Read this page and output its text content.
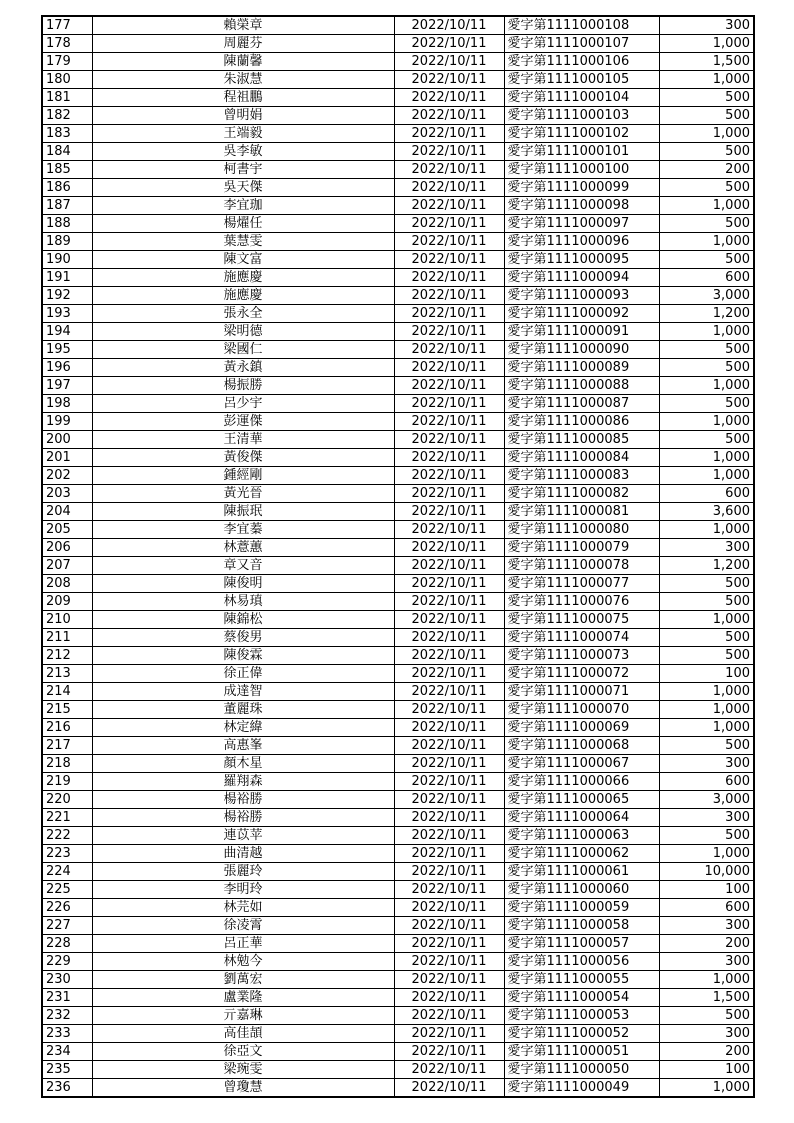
177	賴榮章	2022/10/11	愛字第1111000108	300
178	周麗芬	2022/10/11	愛字第1111000107	1,000
179	陳蘭馨	2022/10/11	愛字第1111000106	1,500
180	朱淑慧	2022/10/11	愛字第1111000105	1,000
181	程祖鵬	2022/10/11	愛字第1111000104	500
182	曾明娟	2022/10/11	愛字第1111000103	500
183	王端毅	2022/10/11	愛字第1111000102	1,000
184	吳李敏	2022/10/11	愛字第1111000101	500
185	柯書宇	2022/10/11	愛字第1111000100	200
186	吳天傑	2022/10/11	愛字第1111000099	500
187	李宜珈	2022/10/11	愛字第1111000098	1,000
188	楊燿任	2022/10/11	愛字第1111000097	500
189	葉慧雯	2022/10/11	愛字第1111000096	1,000
190	陳文富	2022/10/11	愛字第1111000095	500
191	施應慶	2022/10/11	愛字第1111000094	600
192	施應慶	2022/10/11	愛字第1111000093	3,000
193	張永全	2022/10/11	愛字第1111000092	1,200
194	梁明德	2022/10/11	愛字第1111000091	1,000
195	梁國仁	2022/10/11	愛字第1111000090	500
196	黃永鎮	2022/10/11	愛字第1111000089	500
197	楊振勝	2022/10/11	愛字第1111000088	1,000
198	呂少宇	2022/10/11	愛字第1111000087	500
199	彭運傑	2022/10/11	愛字第1111000086	1,000
200	王清華	2022/10/11	愛字第1111000085	500
201	黃俊傑	2022/10/11	愛字第1111000084	1,000
202	鍾經剛	2022/10/11	愛字第1111000083	1,000
203	黃光晉	2022/10/11	愛字第1111000082	600
204	陳振珉	2022/10/11	愛字第1111000081	3,600
205	李宜蓁	2022/10/11	愛字第1111000080	1,000
206	林薏蕙	2022/10/11	愛字第1111000079	300
207	章又音	2022/10/11	愛字第1111000078	1,200
208	陳俊明	2022/10/11	愛字第1111000077	500
209	林易瑱	2022/10/11	愛字第1111000076	500
210	陳錦松	2022/10/11	愛字第1111000075	1,000
211	蔡俊男	2022/10/11	愛字第1111000074	500
212	陳俊霖	2022/10/11	愛字第1111000073	500
213	徐正偉	2022/10/11	愛字第1111000072	100
214	成達智	2022/10/11	愛字第1111000071	1,000
215	董麗珠	2022/10/11	愛字第1111000070	1,000
216	林定緯	2022/10/11	愛字第1111000069	1,000
217	高惠峯	2022/10/11	愛字第1111000068	500
218	顏木星	2022/10/11	愛字第1111000067	300
219	羅翔森	2022/10/11	愛字第1111000066	600
220	楊裕勝	2022/10/11	愛字第1111000065	3,000
221	楊裕勝	2022/10/11	愛字第1111000064	300
222	連苡苹	2022/10/11	愛字第1111000063	500
223	曲清越	2022/10/11	愛字第1111000062	1,000
224	張麗玲	2022/10/11	愛字第1111000061	10,000
225	李明玲	2022/10/11	愛字第1111000060	100
226	林芫如	2022/10/11	愛字第1111000059	600
227	徐凌霄	2022/10/11	愛字第1111000058	300
228	呂正華	2022/10/11	愛字第1111000057	200
229	林勉今	2022/10/11	愛字第1111000056	300
230	劉萬宏	2022/10/11	愛字第1111000055	1,000
231	盧業隆	2022/10/11	愛字第1111000054	1,500
232	亓嘉琳	2022/10/11	愛字第1111000053	500
233	高佳頡	2022/10/11	愛字第1111000052	300
234	徐亞文	2022/10/11	愛字第1111000051	200
235	梁琬雯	2022/10/11	愛字第1111000050	100
236	曾瓊慧	2022/10/11	愛字第1111000049	1,000
